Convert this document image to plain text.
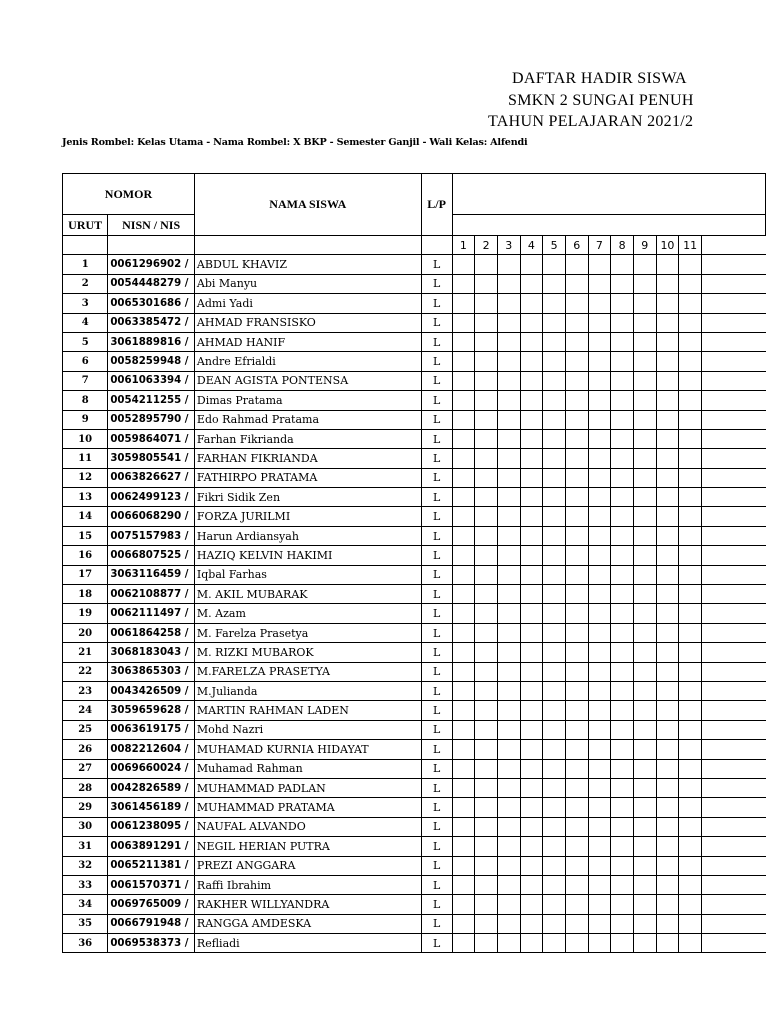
DAFTAR HADIR SISWA
SMKN 2 SUNGAI PENUH
TAHUN PELAJARAN 2021/2
Jenis Rombel: Kelas Utama - Nama Rombel: X BKP - Semester Ganjil - Wali Kelas: Alfendi
NOMOR		NAMA SISWA	L/P												
URUT	NISN / NIS														
				1	2	3	4	5	6	7	8	9	10	11	
1	0061296902 /	ABDUL KHAVIZ	L												
2	0054448279 /	Abi Manyu	L												
3	0065301686 /	Admi Yadi	L												
4	0063385472 /	AHMAD FRANSISKO	L												
5	3061889816 /	AHMAD HANIF	L												
6	0058259948 /	Andre Efrialdi	L												
7	0061063394 /	DEAN AGISTA PONTENSA	L												
8	0054211255 /	Dimas Pratama	L												
9	0052895790 /	Edo Rahmad Pratama	L												
10	0059864071 /	Farhan Fikrianda	L												
11	3059805541 /	FARHAN FIKRIANDA	L												
12	0063826627 /	FATHIRPO PRATAMA	L												
13	0062499123 /	Fikri Sidik Zen	L												
14	0066068290 /	FORZA JURILMI	L												
15	0075157983 /	Harun Ardiansyah	L												
16	0066807525 /	HAZIQ KELVIN HAKIMI	L												
17	3063116459 /	Iqbal Farhas	L												
18	0062108877 /	M. AKIL MUBARAK	L												
19	0062111497 /	M. Azam	L												
20	0061864258 /	M. Farelza Prasetya	L												
21	3068183043 /	M. RIZKI MUBAROK	L												
22	3063865303 /	M.FARELZA PRASETYA	L												
23	0043426509 /	M.Julianda	L												
24	3059659628 /	MARTIN RAHMAN LADEN	L												
25	0063619175 /	Mohd Nazri	L												
26	0082212604 /	MUHAMAD KURNIA HIDAYAT	L												
27	0069660024 /	Muhamad Rahman	L												
28	0042826589 /	MUHAMMAD PADLAN	L												
29	3061456189 /	MUHAMMAD PRATAMA	L												
30	0061238095 /	NAUFAL ALVANDO	L												
31	0063891291 /	NEGIL HERIAN PUTRA	L												
32	0065211381 /	PREZI ANGGARA	L												
33	0061570371 /	Raffi Ibrahim	L												
34	0069765009 /	RAKHER WILLYANDRA	L												
35	0066791948 /	RANGGA AMDESKA	L												
36	0069538373 /	Refliadi	L												
